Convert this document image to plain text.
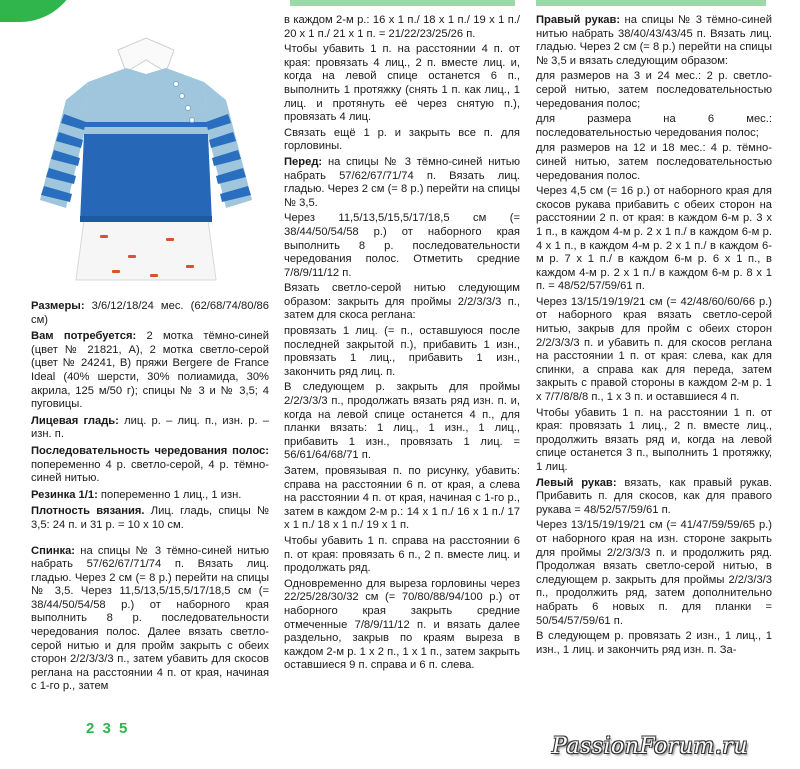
Размеры: 3/6/12/18/24 мес. (62/68/74/80/86 см)

Вам потребуется: 2 мотка тёмно-синей (цвет № 21821, А), 2 мотка светло-серой (цвет № 24241, В) пряжи Bergere de France Ideal (40% шерсти, 30% полиамида, 30% акрила, 125 м/50 г); спицы № 3 и № 3,5; 4 пуговицы.

Лицевая гладь: лиц. р. – лиц. п., изн. р. – изн. п.

Последовательность чередования полос: попеременно 4 р. светло-серой, 4 р. тёмно-синей нитью.

Резинка 1/1: попеременно 1 лиц., 1 изн.

Плотность вязания. Лиц. гладь, спицы № 3,5: 24 п. и 31 р. = 10 х 10 см.

Спинка: на спицы № 3 тёмно-синей нитью набрать 57/62/67/71/74 п. Вязать лиц. гладью. Через 2 см (= 8 р.) перейти на спицы № 3,5. Через 11,5/13,5/15,5/17/18,5 см (= 38/44/50/54/58 р.) от наборного края выполнить 8 р. последовательности чередования полос. Далее вязать светло-серой нитью и для пройм закрыть с обеих сторон 2/2/3/3/3 п., затем убавить для скосов реглана на расстоянии 4 п. от края, начиная с 1-го р., затем

в каждом 2-м р.: 16 х 1 п./ 18 х 1 п./ 19 х 1 п./ 20 х 1 п./ 21 х 1 п. = 21/22/23/25/26 п.

Чтобы убавить 1 п. на расстоянии 4 п. от края: провязать 4 лиц., 2 п. вместе лиц. и, когда на левой спице останется 6 п., выполнить 1 протяжку (снять 1 п. как лиц., 1 лиц. и протянуть её через снятую п.), провязать 4 лиц.

Связать ещё 1 р. и закрыть все п. для горловины.

Перед: на спицы № 3 тёмно-синей нитью набрать 57/62/67/71/74 п. Вязать лиц. гладью. Через 2 см (= 8 р.) перейти на спицы № 3,5.

Через 11,5/13,5/15,5/17/18,5 см (= 38/44/50/54/58 р.) от наборного края выполнить 8 р. последовательности чередования полос. Отметить средние 7/8/9/11/12 п.

Вязать светло-серой нитью следующим образом: закрыть для проймы 2/2/3/3/3 п., затем для скоса реглана:

провязать 1 лиц. (= п., оставшуюся после последней закрытой п.), прибавить 1 изн., провязать 1 лиц., прибавить 1 изн., закончить ряд лиц. п.

В следующем р. закрыть для проймы 2/2/3/3/3 п., продолжать вязать ряд изн. п. и, когда на левой спице останется 4 п., для планки вязать: 1 лиц., 1 изн., 1 лиц., прибавить 1 изн., провязать 1 лиц. = 56/61/64/68/71 п.

Затем, провязывая п. по рисунку, убавить: справа на расстоянии 6 п. от края, а слева на расстоянии 4 п. от края, начиная с 1-го р., затем в каждом 2-м р.: 14 х 1 п./ 16 х 1 п./ 17 х 1 п./ 18 х 1 п./ 19 х 1 п.

Чтобы убавить 1 п. справа на расстоянии 6 п. от края: провязать 6 п., 2 п. вместе лиц. и продолжать ряд.

Одновременно для выреза горловины через 22/25/28/30/32 см (= 70/80/88/94/100 р.) от наборного края закрыть средние отмеченные 7/8/9/11/12 п. и вязать далее раздельно, закрыв по краям выреза в каждом 2-м р. 1 х 2 п., 1 х 1 п., затем закрыть оставшиеся 9 п. справа и 6 п. слева.

Правый рукав: на спицы № 3 тёмно-синей нитью набрать 38/40/43/43/45 п. Вязать лиц. гладью. Через 2 см (= 8 р.) перейти на спицы № 3,5 и вязать следующим образом:

для размеров на 3 и 24 мес.: 2 р. светло-серой нитью, затем последовательностью чередования полос;

для размера на 6 мес.: последовательностью чередования полос;

для размеров на 12 и 18 мес.: 4 р. тёмно-синей нитью, затем последовательностью чередования полос.

Через 4,5 см (= 16 р.) от наборного края для скосов рукава прибавить с обеих сторон на расстоянии 2 п. от края: в каждом 6-м р. 3 х 1 п., в каждом 4-м р. 2 х 1 п./ в каждом 6-м р. 4 х 1 п., в каждом 4-м р. 2 х 1 п./ в каждом 6-м р. 7 х 1 п./ в каждом 6-м р. 6 х 1 п., в каждом 4-м р. 2 х 1 п./ в каждом 6-м р. 8 х 1 п. = 48/52/57/59/61 п.

Через 13/15/19/19/21 см (= 42/48/60/60/66 р.) от наборного края вязать светло-серой нитью, закрыв для пройм с обеих сторон 2/2/3/3/3 п. и убавить п. для скосов реглана на расстоянии 1 п. от края: слева, как для спинки, а справа как для переда, затем закрыть с правой стороны в каждом 2-м р. 1 х 7/7/8/8/8 п., 1 х 3 п. и оставшиеся 4 п.

Чтобы убавить 1 п. на расстоянии 1 п. от края: провязать 1 лиц., 2 п. вместе лиц., продолжить вязать ряд и, когда на левой спице останется 3 п., выполнить 1 протяжку, 1 лиц.

Левый рукав: вязать, как правый рукав. Прибавить п. для скосов, как для правого рукава = 48/52/57/59/61 п.

Через 13/15/19/19/21 см (= 41/47/59/59/65 р.) от наборного края на изн. стороне закрыть для проймы 2/2/3/3/3 п. и продолжить ряд. Продолжая вязать светло-серой нитью, в следующем р. закрыть для проймы 2/2/3/3/3 п., продолжить ряд, затем дополнительно набрать 6 новых п. для планки = 50/54/57/59/61 п.

В следующем р. провязать 2 изн., 1 лиц., 1 изн., 1 лиц. и закончить ряд изн. п. За-

2 3 5
PassionForum.ru
